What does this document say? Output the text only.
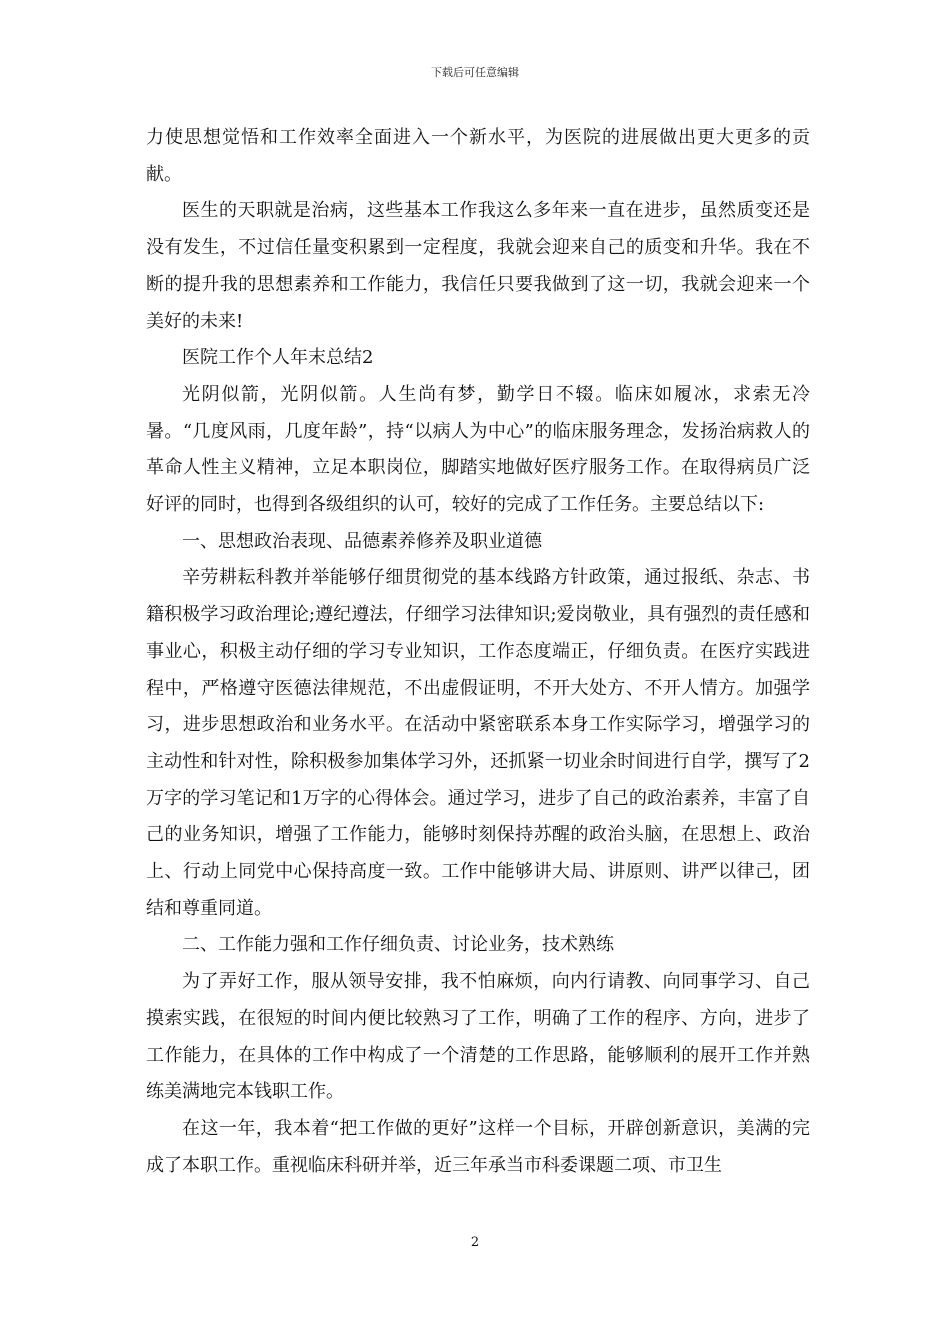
下载后可任意编辑

力使思想觉悟和工作效率全面进入一个新水平，为医院的进展做出更大更多的贡献。

医生的天职就是治病，这些基本工作我这么多年来一直在进步，虽然质变还是没有发生，不过信任量变积累到一定程度，我就会迎来自己的质变和升华。我在不断的提升我的思想素养和工作能力，我信任只要我做到了这一切，我就会迎来一个美好的未来!

医院工作个人年末总结2

光阴似箭，光阴似箭。人生尚有梦，勤学日不辍。临床如履冰，求索无冷暑。“几度风雨，几度年龄”，持“以病人为中心”的临床服务理念，发扬治病救人的革命人性主义精神，立足本职岗位，脚踏实地做好医疗服务工作。在取得病员广泛好评的同时，也得到各级组织的认可，较好的完成了工作任务。主要总结以下:

一、思想政治表现、品德素养修养及职业道德

辛劳耕耘科教并举能够仔细贯彻党的基本线路方针政策，通过报纸、杂志、书籍积极学习政治理论;遵纪遵法，仔细学习法律知识;爱岗敬业，具有强烈的责任感和事业心，积极主动仔细的学习专业知识，工作态度端正，仔细负责。在医疗实践进程中，严格遵守医德法律规范，不出虚假证明，不开大处方、不开人情方。加强学习，进步思想政治和业务水平。在活动中紧密联系本身工作实际学习，增强学习的主动性和针对性，除积极参加集体学习外，还抓紧一切业余时间进行自学，撰写了2万字的学习笔记和1万字的心得体会。通过学习，进步了自己的政治素养，丰富了自己的业务知识，增强了工作能力，能够时刻保持苏醒的政治头脑，在思想上、政治上、行动上同党中心保持高度一致。工作中能够讲大局、讲原则、讲严以律己，团结和尊重同道。

二、工作能力强和工作仔细负责、讨论业务，技术熟练

为了弄好工作，服从领导安排，我不怕麻烦，向内行请教、向同事学习、自己摸索实践，在很短的时间内便比较熟习了工作，明确了工作的程序、方向，进步了工作能力，在具体的工作中构成了一个清楚的工作思路，能够顺利的展开工作并熟练美满地完本钱职工作。

在这一年，我本着“把工作做的更好”这样一个目标，开辟创新意识，美满的完成了本职工作。重视临床科研并举，近三年承当市科委课题二项、市卫生

2
